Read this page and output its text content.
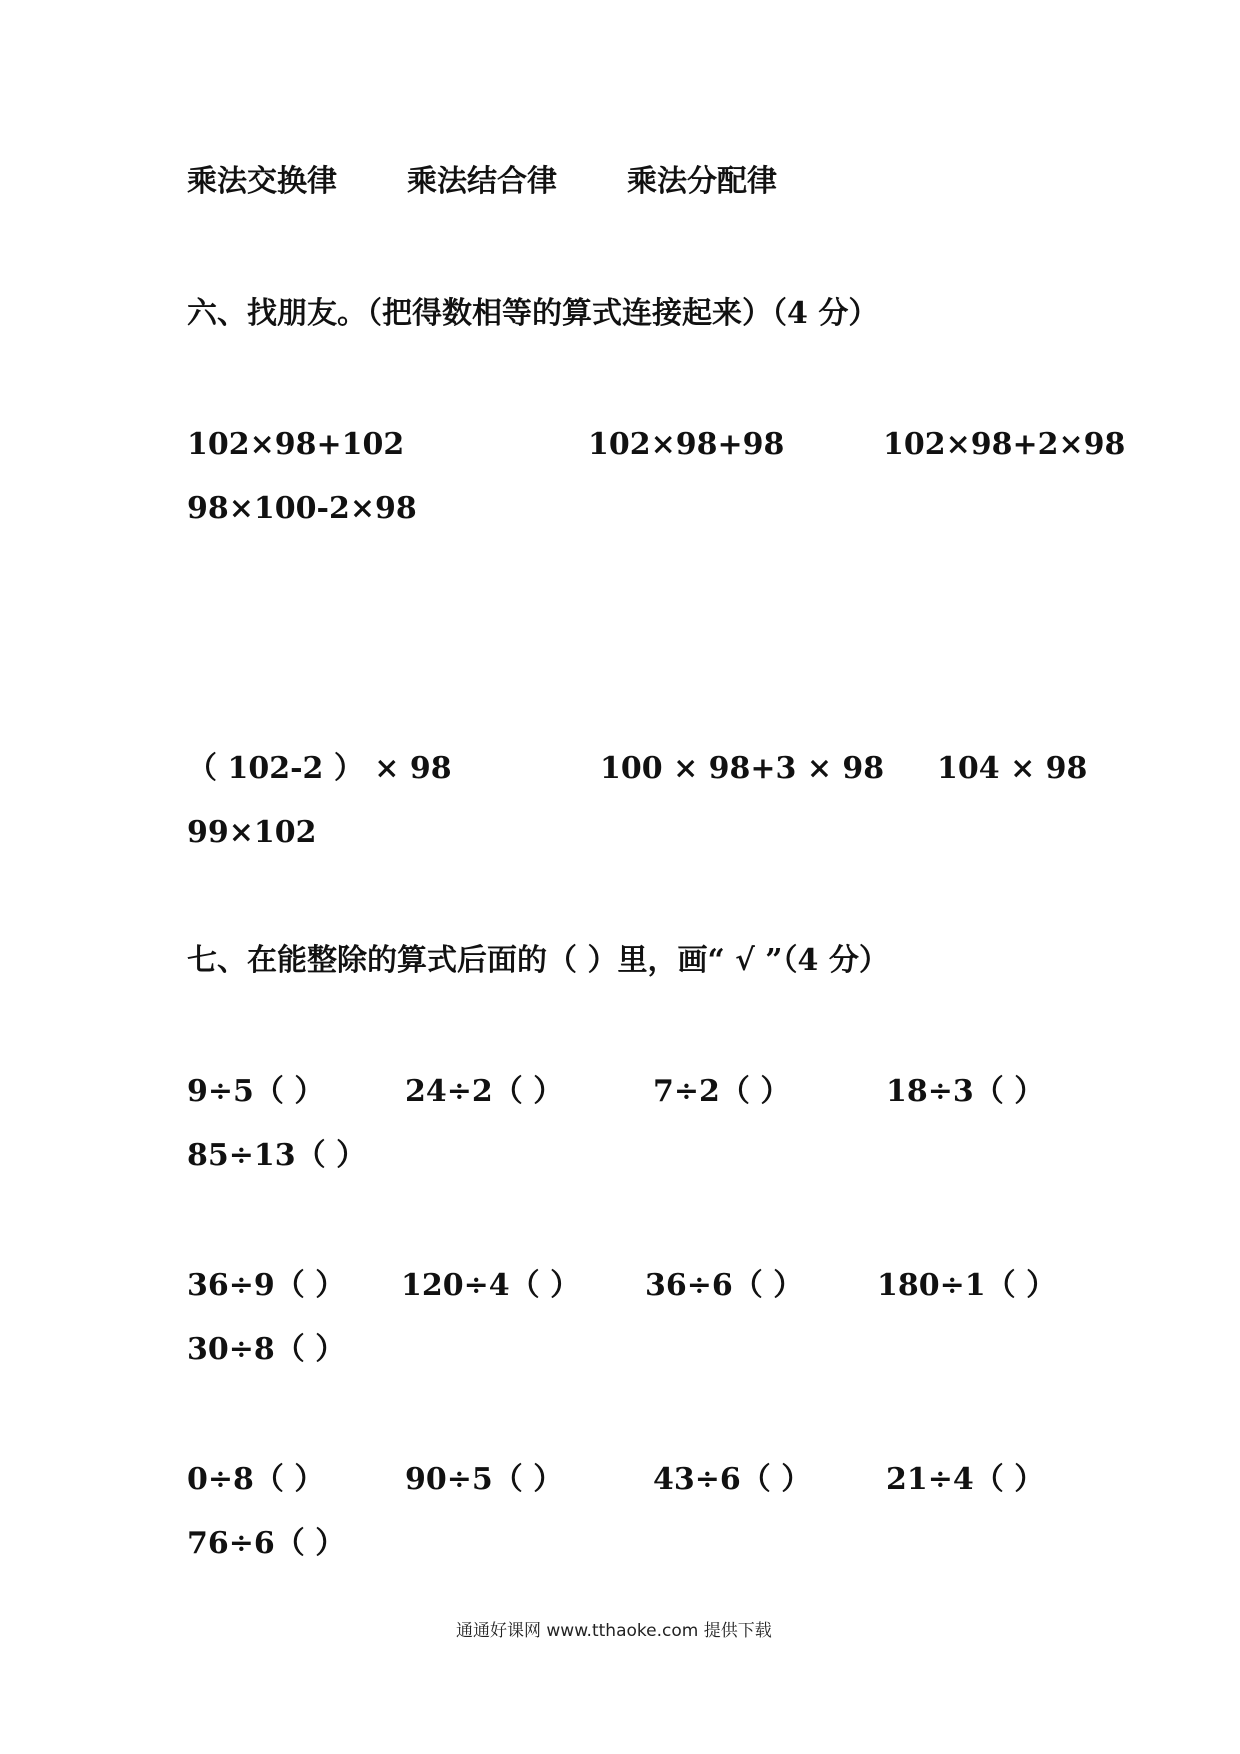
乘法交换律 乘法结合律 乘法分配律
六、找朋友。（把得数相等的算式连接起来）（4 分）
102×98+102	102×98+98	102×98+2×98
98×100-2×98
（ 102-2 ） × 98	100 × 98+3 × 98 104 × 98
99×102
七、在能整除的算式后面的（ ）里，画“ √ ”（4 分）
9÷5（ ）	24÷2（ ）	7÷2（ ）	18÷3（ ）
85÷13（ ）
36÷9（ ） 120÷4（ ） 36÷6（ ） 180÷1（ ）
30÷8（ ）
0÷8（ ）	90÷5（ ）	43÷6（ ） 21÷4（ ）
76÷6（ ）
通通好课网 www.tthaoke.com 提供下载
